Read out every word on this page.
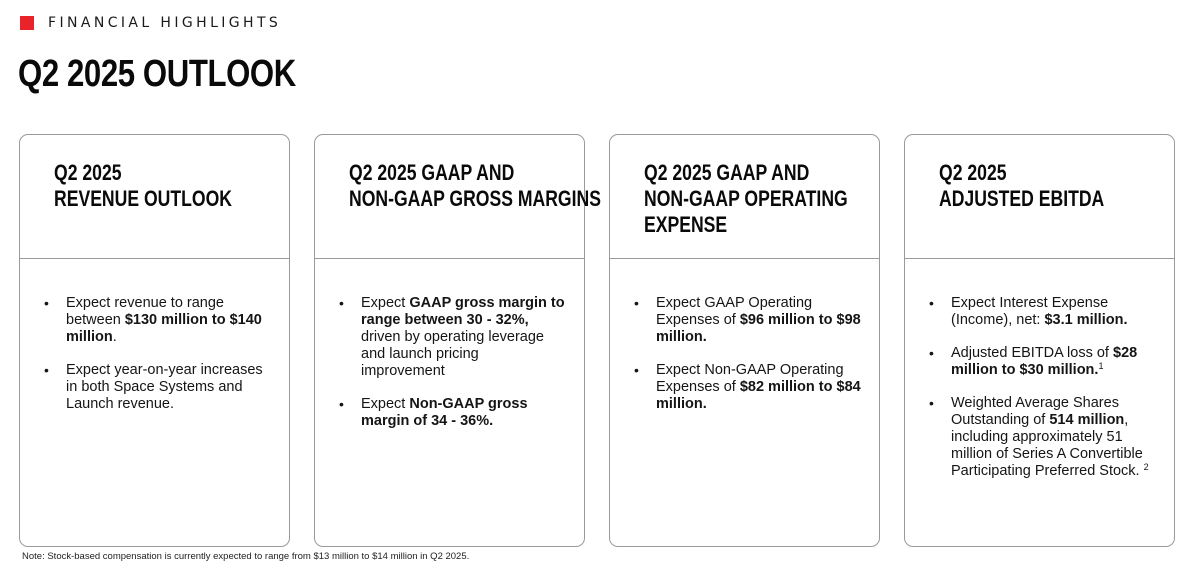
FINANCIAL HIGHLIGHTS
Q2 2025 OUTLOOK
Q2 2025
REVENUE OUTLOOK
• Expect revenue to range between $130 million to $140 million.
• Expect year-on-year increases in both Space Systems and Launch revenue.
Q2 2025 GAAP AND
NON-GAAP GROSS MARGINS
• Expect GAAP gross margin to range between 30 - 32%, driven by operating leverage and launch pricing improvement
• Expect Non-GAAP gross margin of 34 - 36%.
Q2 2025 GAAP AND
NON-GAAP OPERATING
EXPENSE
• Expect GAAP Operating Expenses of $96 million to $98 million.
• Expect Non-GAAP Operating Expenses of $82 million to $84 million.
Q2 2025
ADJUSTED EBITDA
• Expect Interest Expense (Income), net: $3.1 million.
• Adjusted EBITDA loss of $28 million to $30 million.$^1$
• Weighted Average Shares Outstanding of 514 million, including approximately 51 million of Series A Convertible Participating Preferred Stock. $^2$
Note: Stock-based compensation is currently expected to range from $13 million to $14 million in Q2 2025.
